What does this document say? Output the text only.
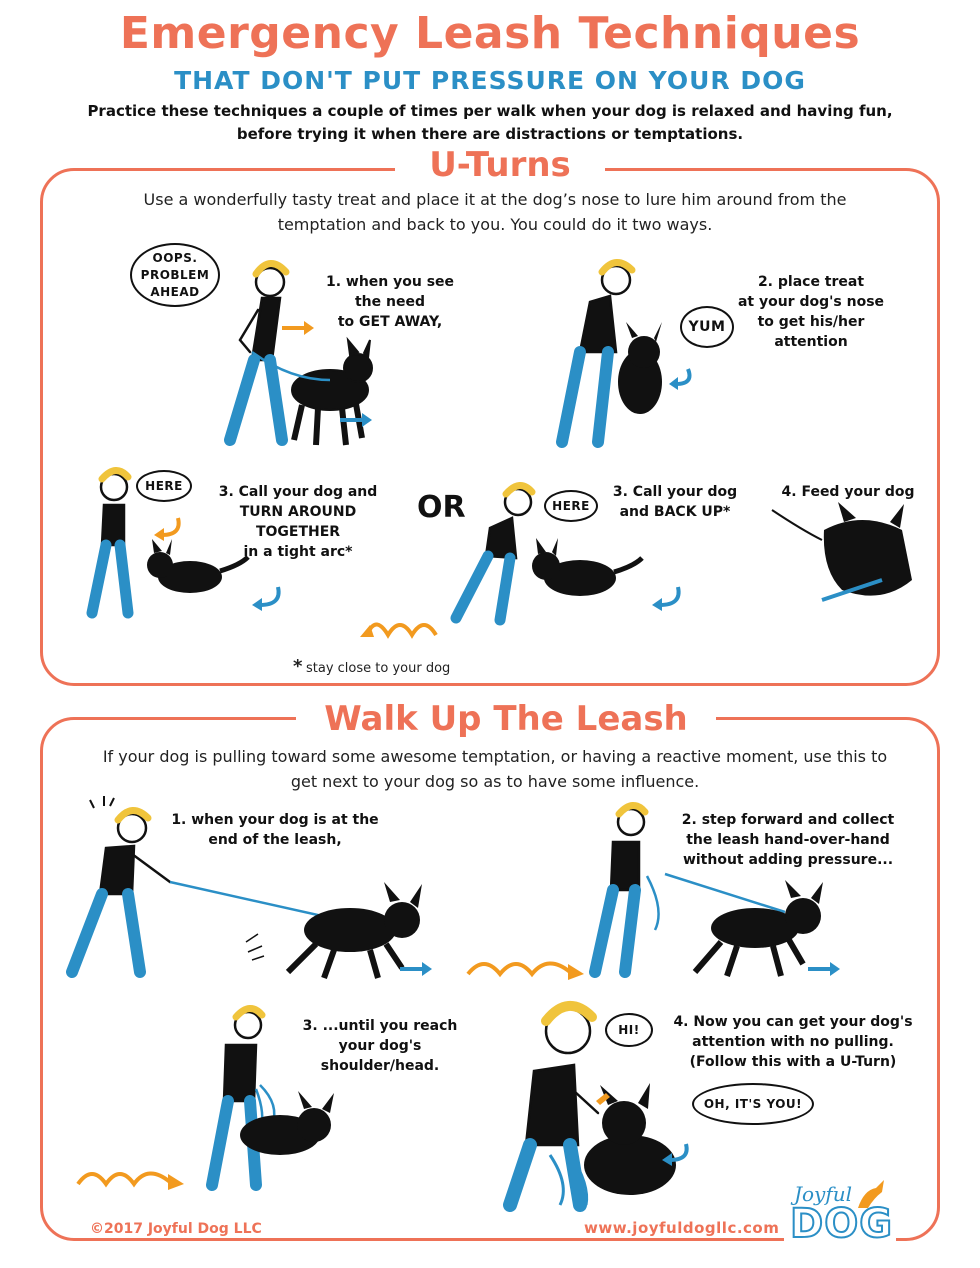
Emergency Leash Techniques
THAT DON'T PUT PRESSURE ON YOUR DOG
Practice these techniques a couple of times per walk when your dog is relaxed and having fun, before trying it when there are distractions or temptations.
U-Turns
Use a wonderfully tasty treat and place it at the dog’s nose to lure him around from the temptation and back to you. You could do it two ways.
OOPS.
PROBLEM
AHEAD
1. when you see
the need
to GET AWAY,	YUM
2. place treat
at your dog's nose
to get his/her
attention
HERE	3. Call your dog and
TURN AROUND TOGETHER
in a tight arc*
OR	HERE
3. Call your dog
and BACK UP*
4. Feed your dog
* stay close to your dog
Walk Up The Leash
If your dog is pulling toward some awesome temptation, or having a reactive moment, use this to get next to your dog so as to have some influence.
1. when your dog is at the
end of the leash,
2. step forward and collect
the leash hand-over-hand
without adding pressure...
3. ...until you reach
your dog's
shoulder/head.
HI!
OH, IT'S YOU!
4. Now you can get your dog's
attention with no pulling.
(Follow this with a U-Turn)
©2017 Joyful Dog LLC	www.joyfuldogllc.com
Joyful
DOG
